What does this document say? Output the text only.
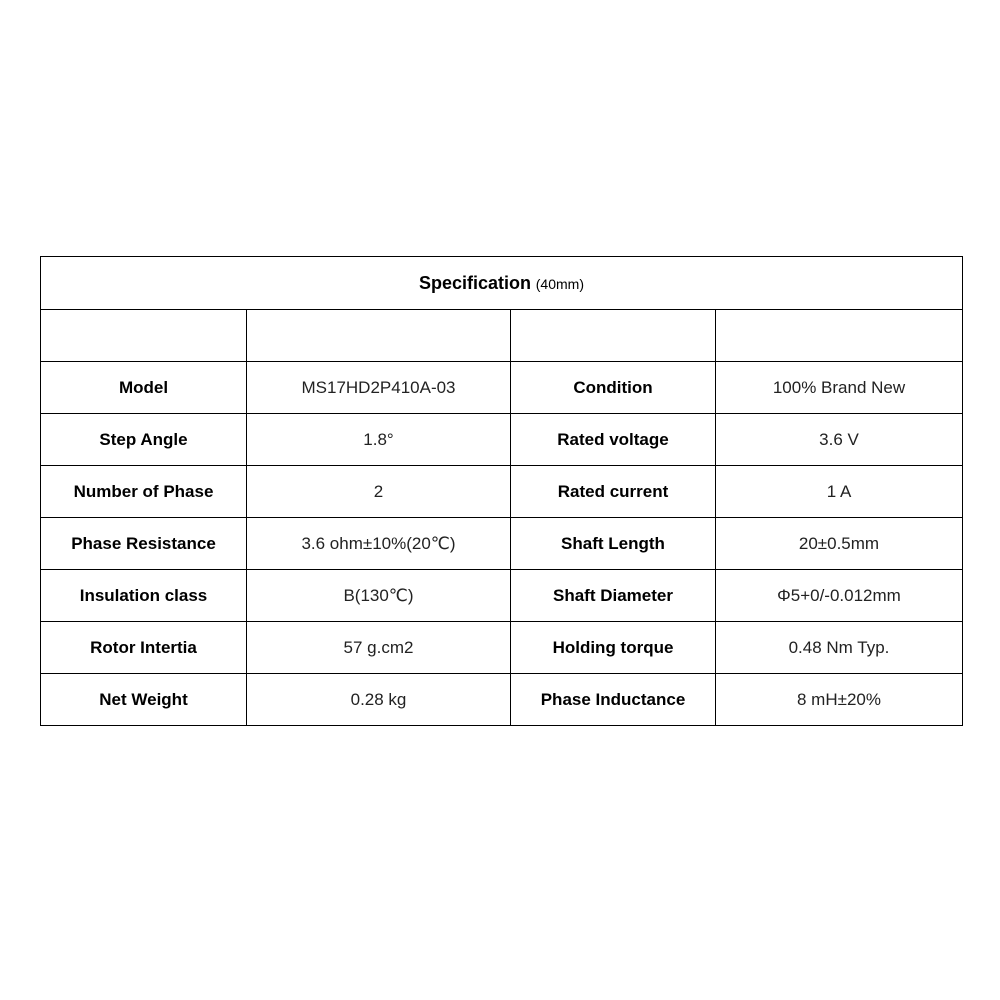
Specification (40mm)			

Model	MS17HD2P410A-03	Condition	100% Brand New
Step Angle	1.8°	Rated voltage	3.6 V
Number of Phase	2	Rated current	1 A
Phase Resistance	3.6 ohm±10%(20℃)	Shaft Length	20±0.5mm
Insulation class	B(130℃)	Shaft Diameter	Φ5+0/-0.012mm
Rotor Intertia	57 g.cm2	Holding torque	0.48 Nm Typ.
Net Weight	0.28 kg	Phase Inductance	8 mH±20%
